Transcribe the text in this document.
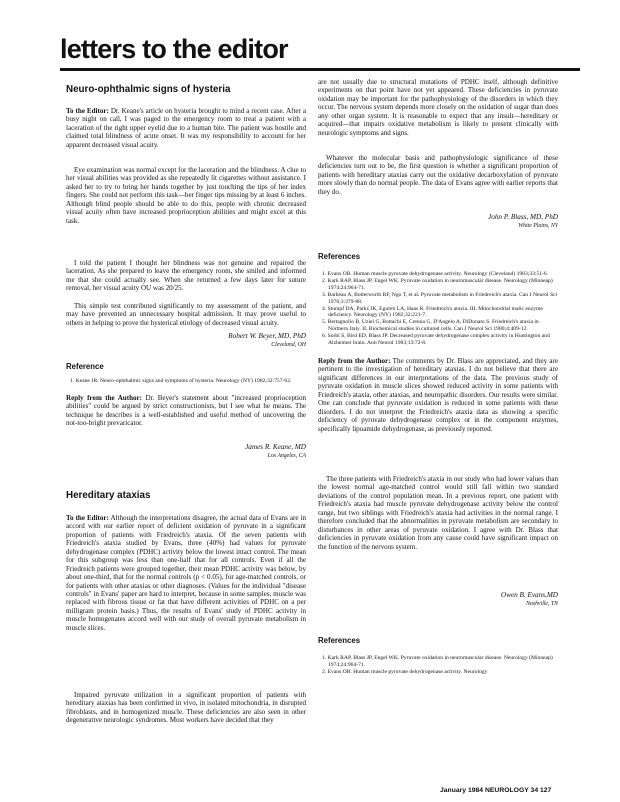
letters to the editor
Neuro-ophthalmic signs of hysteria

To the Editor: Dr. Keane's article on hysteria brought to mind a recent case. After a busy night on call, I was paged to the emergency room to treat a patient with a laceration of the right upper eyelid due to a human bite. The patient was hostile and claimed total blindness of acute onset. It was my responsibility to account for her apparent decreased visual acuity.

Eye examination was normal except for the laceration and the blindness. A clue to her visual abilities was provided as she repeatedly lit cigarettes without assistance. I asked her to try to bring her hands together by just touching the tips of her index fingers. She could not perform this task—her finger tips missing by at least 6 inches. Although blind people should be able to do this, people with chronic decreased visual acuity often have increased proprioception abilities and might excel at this task.

I told the patient I thought her blindness was not genuine and repaired the laceration. As she prepared to leave the emergency room, she smiled and informed me that she could actually see. When she returned a few days later for suture removal, her visual acuity OU was 20/25.

This simple test contributed significantly to my assessment of the patient, and may have prevented an unnecessary hospital admission. It may prove useful to others in helping to prove the hysterical etiology of decreased visual acuity.

Robert W. Beyer, MD, PhD
Cleveland, OH
Reference
1. Keane JR. Neuro-ophthalmic signs and symptoms of hysteria. Neurology (NY) 1982;32:757-62.

Reply from the Author: Dr. Beyer's statement about "increased proprioception abilities" could be argued by strict constructionists, but I see what he means. The technique he describes is a well-established and useful method of uncovering the not-too-bright prevaricator.

James R. Keane, MD
Los Angeles, CA
Hereditary ataxias

To the Editor: Although the interpretations disagree, the actual data of Evans are in accord with our earlier report of deficient oxidation of pyruvate in a significant proportion of patients with Friedreich's ataxia. Of the seven patients with Friedreich's ataxia studied by Evans, three (40%) had values for pyruvate dehydrogenase complex (PDHC) activity below the lowest intact control. The mean for this subgroup was less than one-half that for all controls. Even if all the Friedreich patients were grouped together, their mean PDHC activity was below, by about one-third, that for the normal controls (p < 0.05), for age-matched controls, or for patients with other ataxias or other diagnoses. (Values for the individual "disease controls" in Evans' paper are hard to interpret, because in some samples, muscle was replaced with fibrous tissue or fat that have different activities of PDHC on a per milligram protein basis.) Thus, the results of Evans' study of PDHC activity in muscle homogenates accord well with our study of overall pyruvate metabolism in muscle slices.

Impaired pyruvate utilization in a significant proportion of patients with hereditary ataxias has been confirmed in vivo, in isolated mitochondria, in disrupted fibroblasts, and in homogenized muscle. These deficiencies are also seen in other degenerative neurologic syndromes. Most workers have decided that they

are not usually due to structural mutations of PDHC itself, although definitive experiments on that point have not yet appeared. These deficiencies in pyruvate oxidation may be important for the pathophysiology of the disorders in which they occur. The nervous system depends more closely on the oxidation of sugar than does any other organ system. It is reasonable to expect that any insult—hereditary or acquired—that impairs oxidative metabolism is likely to present clinically with neurologic symptoms and signs.

Whatever the molecular basis and pathophysiologic significance of these deficiencies turn out to be, the first question is whether a significant proportion of patients with hereditary ataxias carry out the oxidative decarboxylation of pyruvate more slowly than do normal people. The data of Evans agree with earlier reports that they do.

John P. Blass, MD, PhD
White Plains, NY
References
1. Evans OB. Human muscle pyruvate dehydrogenase activity. Neurology (Cleveland) 1983;33:51-6.
2. Kark RAP, Blass JP, Engel WK. Pyruvate oxidation in neuromuscular disease. Neurology (Minneap) 1974;24:964-71.
3. Barbeau A, Butterworth RF, Ngo T, et al. Pyruvate metabolism in Friedreich's ataxia. Can J Neurol Sci 1976;3:379-88.
4. Stumpf DA, Parks JK, Eguren LA, Haas R. Friedreich's ataxia. III. Mitochondrial malic enzyme deficiency. Neurology (NY) 1982;32:221-7.
5. Bertagnolio B, Uziel G, Bottachi E, Crenna G, D'Angelo A, DiDonato S. Friedreich's ataxia in Northern Italy. II. Biochemical studies in cultured cells. Can J Neurol Sci 1980;4:409-12.
6. Sorbi S, Bird ED, Blass JP. Decreased pyruvate dehydrogenase complex activity in Huntington and Alzheimer brain. Ann Neurol 1983;13:72-8.

Reply from the Author: The comments by Dr. Blass are appreciated, and they are pertinent to the investigation of hereditary ataxias. I do not believe that there are significant differences in our interpretations of the data. The previous study of pyruvate oxidation in muscle slices showed reduced activity in some patients with Friedreich's ataxia, other ataxias, and neuropathic disorders. Our results were similar. One can conclude that pyruvate oxidation is reduced in some patients with these disorders. I do not interpret the Friedreich's ataxia data as showing a specific deficiency of pyruvate dehydrogenase complex or in the component enzymes, specifically lipoamide dehydrogenase, as previously reported.

The three patients with Friedreich's ataxia in our study who had lower values than the lowest normal age-matched control would still fall within two standard deviations of the control population mean. In a previous report, one patient with Friedreich's ataxia had muscle pyruvate dehydrogenase activity below the control range, but two siblings with Friedreich's ataxia had activities in the normal range. I therefore concluded that the abnormalities in pyruvate metabolism are secondary to disturbances in other areas of pyruvate oxidation. I agree with Dr. Blass that deficiencies in pyruvate oxidation from any cause could have significant impact on the function of the nervous system.

Owen B. Evans,MD
Nashville, TN
References
1. Kark RAP, Blass JP, Engel WK. Pyruvate oxidation in neuromuscular disease. Neurology (Minneap) 1974;24:964-71.
2. Evans OB. Human muscle pyruvate dehydrogenase activity. Neurology
January 1984 NEUROLOGY 34 127
